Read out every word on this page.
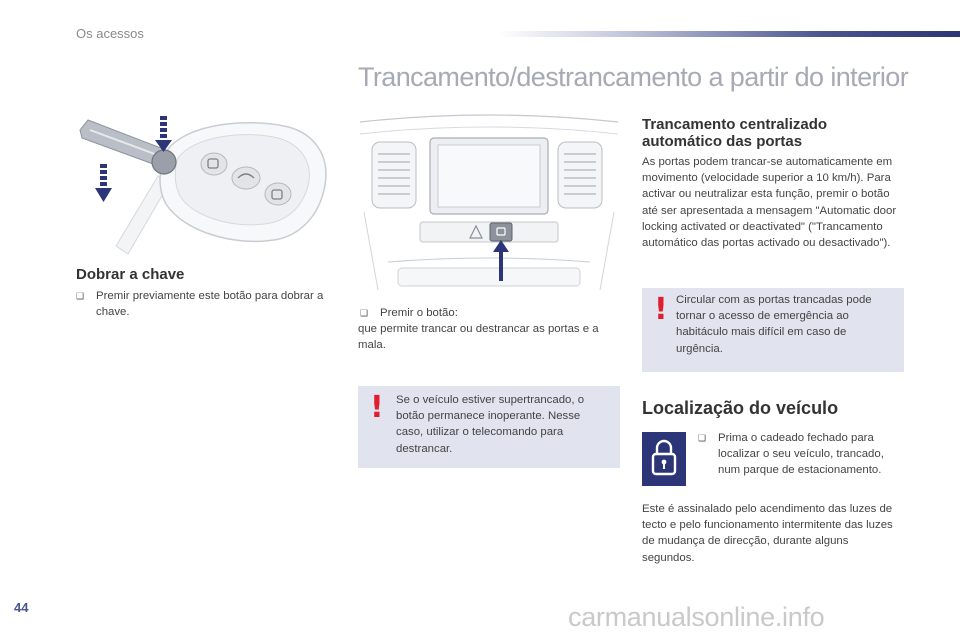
Os acessos
Trancamento/destrancamento a partir do interior
Dobrar a chave
❑	Premir previamente este botão para dobrar a chave.	❑	Premir o botão:
que permite trancar ou destrancar as portas e a mala.
! Se o veículo estiver supertrancado, o botão permanece inoperante. Nesse caso, utilizar o telecomando para destrancar.
Trancamento centralizado
automático das portas
As portas podem trancar-se automaticamente em movimento (velocidade superior a 10 km/h). Para activar ou neutralizar esta função, premir o botão até ser apresentada a mensagem "Automatic door locking activated or deactivated" ("Trancamento automático das portas activado ou desactivado").
! Circular com as portas trancadas pode tornar o acesso de emergência ao habitáculo mais difícil em caso de urgência.
Localização do veículo
❑	Prima o cadeado fechado para localizar o seu veículo, trancado, num parque de estacionamento.
Este é assinalado pelo acendimento das luzes de tecto e pelo funcionamento intermitente das luzes de mudança de direcção, durante alguns segundos.
44	carmanualsonline.info
